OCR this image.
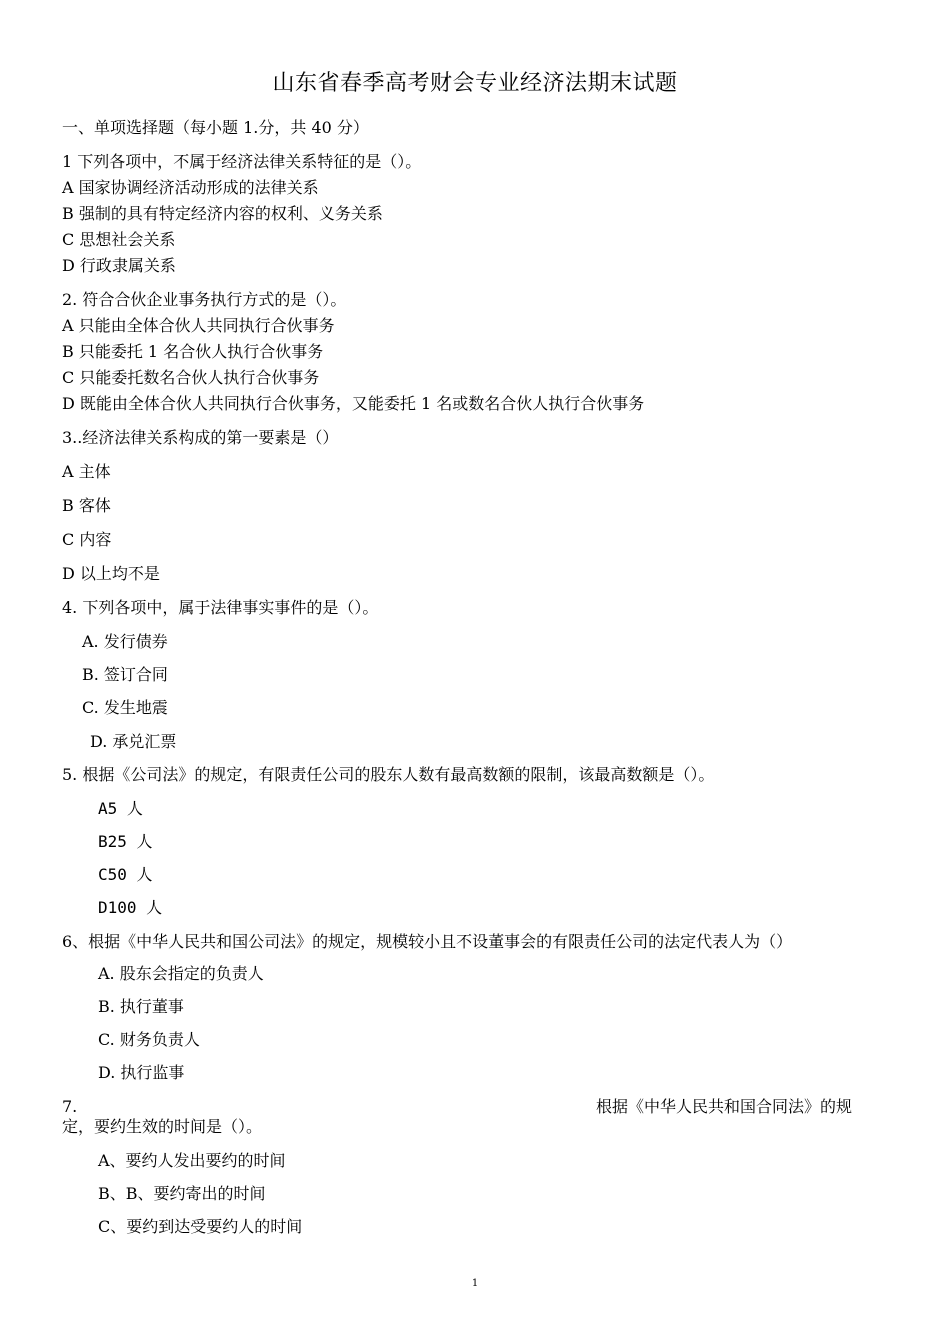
山东省春季高考财会专业经济法期末试题
一、单项选择题（每小题 1.分，共 40 分）
1 下列各项中，不属于经济法律关系特征的是（）。
A 国家协调经济活动形成的法律关系
B 强制的具有特定经济内容的权利、义务关系
C 思想社会关系
D 行政隶属关系
2. 符合合伙企业事务执行方式的是（）。
A 只能由全体合伙人共同执行合伙事务
B 只能委托 1 名合伙人执行合伙事务
C 只能委托数名合伙人执行合伙事务
D 既能由全体合伙人共同执行合伙事务，又能委托 1 名或数名合伙人执行合伙事务
3..经济法律关系构成的第一要素是（）
A 主体
B 客体
C 内容
D 以上均不是
4. 下列各项中，属于法律事实事件的是（）。
A. 发行债券
B. 签订合同
C. 发生地震
D. 承兑汇票
5. 根据《公司法》的规定，有限责任公司的股东人数有最高数额的限制，该最高数额是（）。
A5 人
B25 人
C50 人
D100 人
6、根据《中华人民共和国公司法》的规定，规模较小且不设董事会的有限责任公司的法定代表人为（）
A. 股东会指定的负责人
B. 执行董事
C. 财务负责人
D. 执行监事
7.	根据《中华人民共和国合同法》的规
定，要约生效的时间是（）。
A、要约人发出要约的时间
B、B、要约寄出的时间
C、要约到达受要约人的时间
1
